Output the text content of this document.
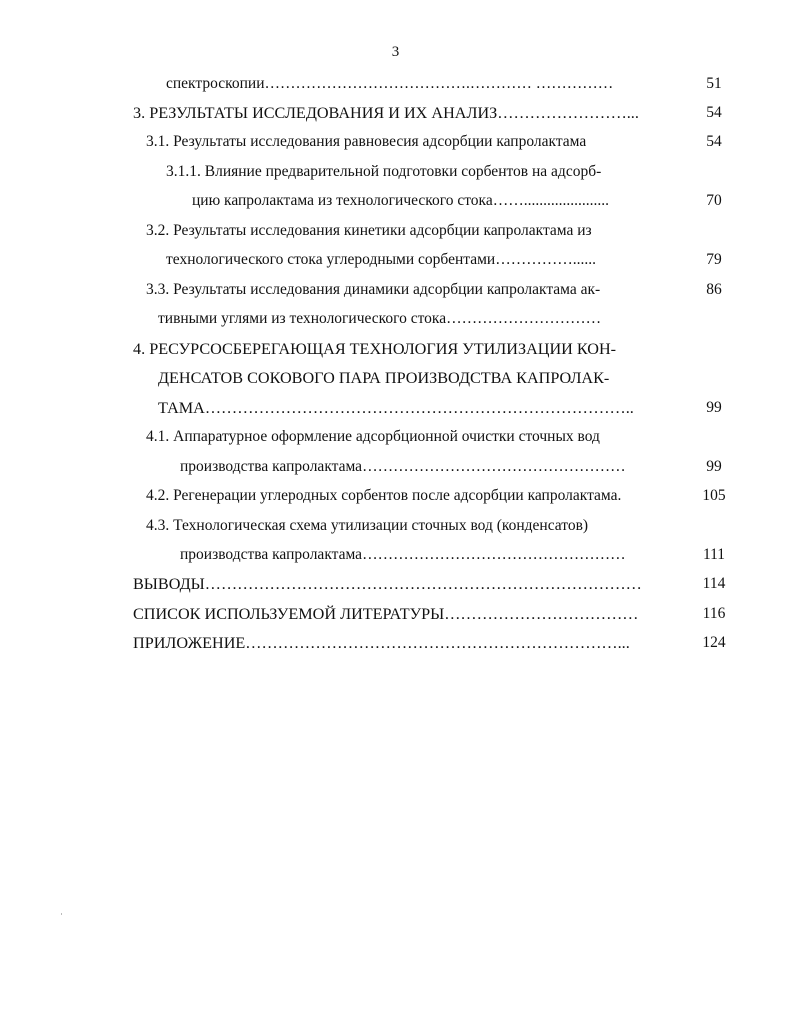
3
спектроскопии………………………………….………… ……………	51
3. РЕЗУЛЬТАТЫ ИССЛЕДОВАНИЯ И ИХ АНАЛИЗ……………………...	54
3.1. Результаты исследования равновесия адсорбции капролактама	54
3.1.1. Влияние предварительной подготовки сорбентов на адсорб-
цию капролактама из технологического стока……......................	70
3.2. Результаты исследования кинетики адсорбции капролактама из
технологического стока углеродными сорбентами……………......	79
3.3. Результаты исследования динамики адсорбции капролактама ак-	86
тивными углями из технологического стока…………………………
4. РЕСУРСОСБЕРЕГАЮЩАЯ ТЕХНОЛОГИЯ УТИЛИЗАЦИИ КОН-
ДЕНСАТОВ СОКОВОГО ПАРА ПРОИЗВОДСТВА КАПРОЛАК-
ТАМА……………………………………………………………………..	99
4.1. Аппаратурное оформление адсорбционной очистки сточных вод
производства капролактама……………………………………………	99
4.2. Регенерации углеродных сорбентов после адсорбции капролактама.	105
4.3. Технологическая схема утилизации сточных вод (конденсатов)
производства капролактама……………………………………………	111
ВЫВОДЫ………………………………………………………………………	114
СПИСОК ИСПОЛЬЗУЕМОЙ ЛИТЕРАТУРЫ………………………………	116
ПРИЛОЖЕНИЕ……………………………………………………………...	124
